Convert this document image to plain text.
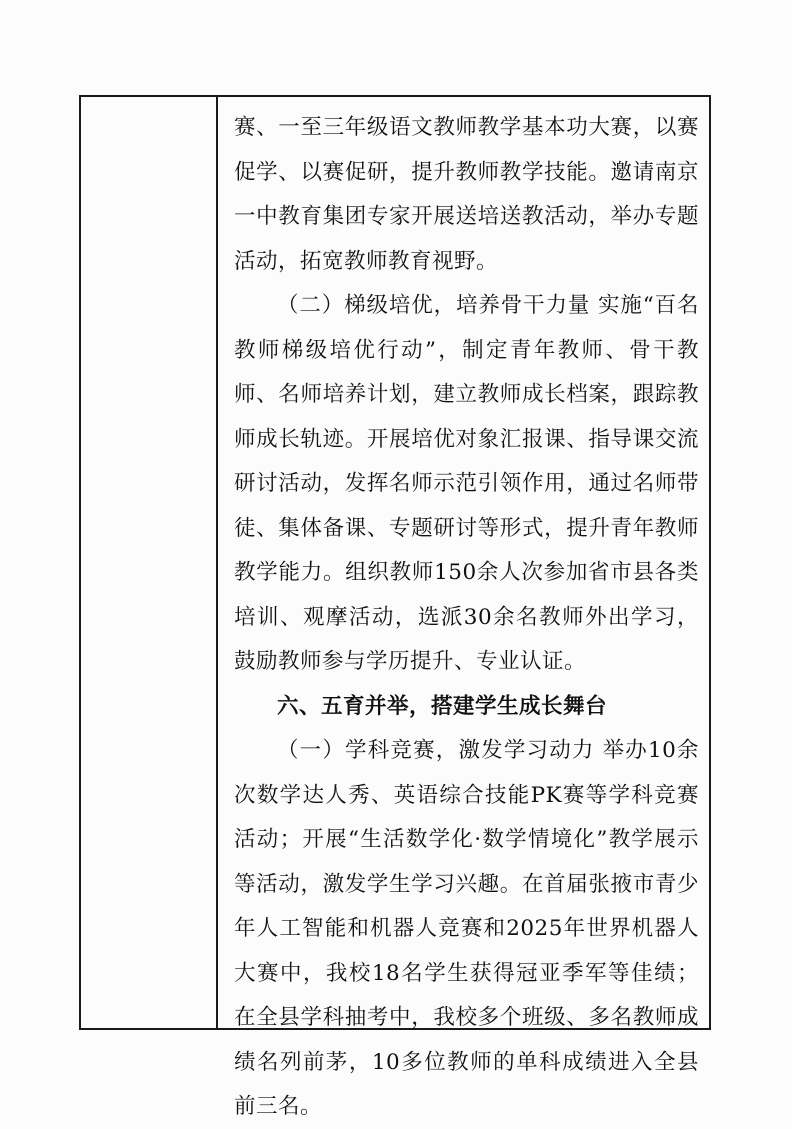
赛、一至三年级语文教师教学基本功大赛，以赛促学、以赛促研，提升教师教学技能。邀请南京一中教育集团专家开展送培送教活动，举办专题活动，拓宽教师教育视野。

（二）梯级培优，培养骨干力量 实施“百名教师梯级培优行动”，制定青年教师、骨干教师、名师培养计划，建立教师成长档案，跟踪教师成长轨迹。开展培优对象汇报课、指导课交流研讨活动，发挥名师示范引领作用，通过名师带徒、集体备课、专题研讨等形式，提升青年教师教学能力。组织教师150余人次参加省市县各类培训、观摩活动，选派30余名教师外出学习，鼓励教师参与学历提升、专业认证。

六、五育并举，搭建学生成长舞台

（一）学科竞赛，激发学习动力 举办10余次数学达人秀、英语综合技能PK赛等学科竞赛活动；开展“生活数学化·数学情境化”教学展示等活动，激发学生学习兴趣。在首届张掖市青少年人工智能和机器人竞赛和2025年世界机器人大赛中，我校18名学生获得冠亚季军等佳绩；在全县学科抽考中，我校多个班级、多名教师成绩名列前茅，10多位教师的单科成绩进入全县前三名。
